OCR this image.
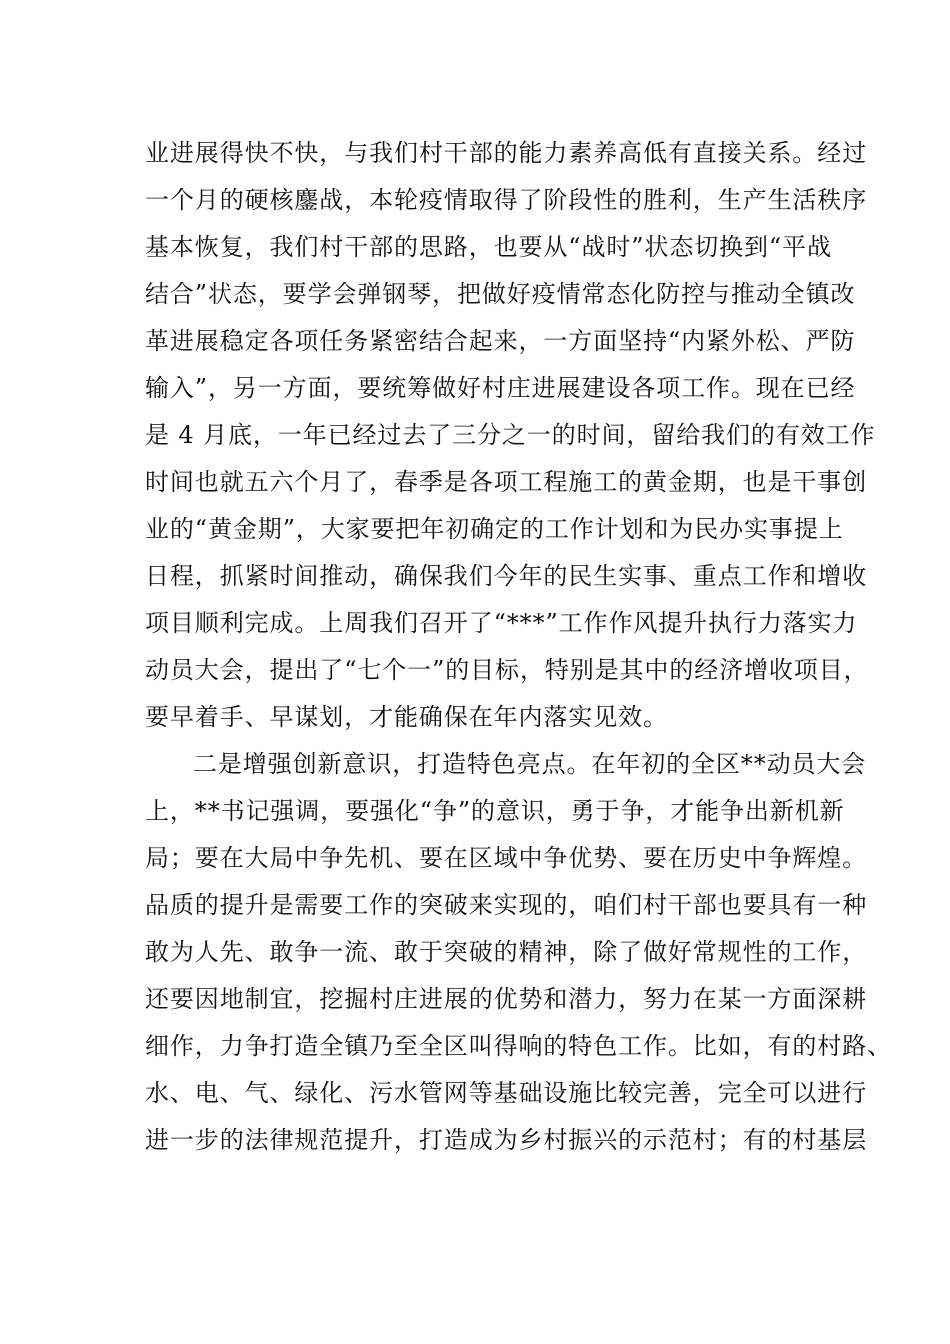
业进展得快不快，与我们村干部的能力素养高低有直接关系。经过
一个月的硬核鏖战，本轮疫情取得了阶段性的胜利，生产生活秩序
基本恢复，我们村干部的思路，也要从“战时”状态切换到“平战
结合”状态，要学会弹钢琴，把做好疫情常态化防控与推动全镇改
革进展稳定各项任务紧密结合起来，一方面坚持“内紧外松、严防
输入”，另一方面，要统筹做好村庄进展建设各项工作。现在已经
是 4 月底，一年已经过去了三分之一的时间，留给我们的有效工作
时间也就五六个月了，春季是各项工程施工的黄金期，也是干事创
业的“黄金期”，大家要把年初确定的工作计划和为民办实事提上
日程，抓紧时间推动，确保我们今年的民生实事、重点工作和增收
项目顺利完成。上周我们召开了“***”工作作风提升执行力落实力
动员大会，提出了“七个一”的目标，特别是其中的经济增收项目，
要早着手、早谋划，才能确保在年内落实见效。
二是增强创新意识，打造特色亮点。在年初的全区**动员大会
上，**书记强调，要强化“争”的意识，勇于争，才能争出新机新
局；要在大局中争先机、要在区域中争优势、要在历史中争辉煌。
品质的提升是需要工作的突破来实现的，咱们村干部也要具有一种
敢为人先、敢争一流、敢于突破的精神，除了做好常规性的工作，
还要因地制宜，挖掘村庄进展的优势和潜力，努力在某一方面深耕
细作，力争打造全镇乃至全区叫得响的特色工作。比如，有的村路、
水、电、气、绿化、污水管网等基础设施比较完善，完全可以进行
进一步的法律规范提升，打造成为乡村振兴的示范村；有的村基层
